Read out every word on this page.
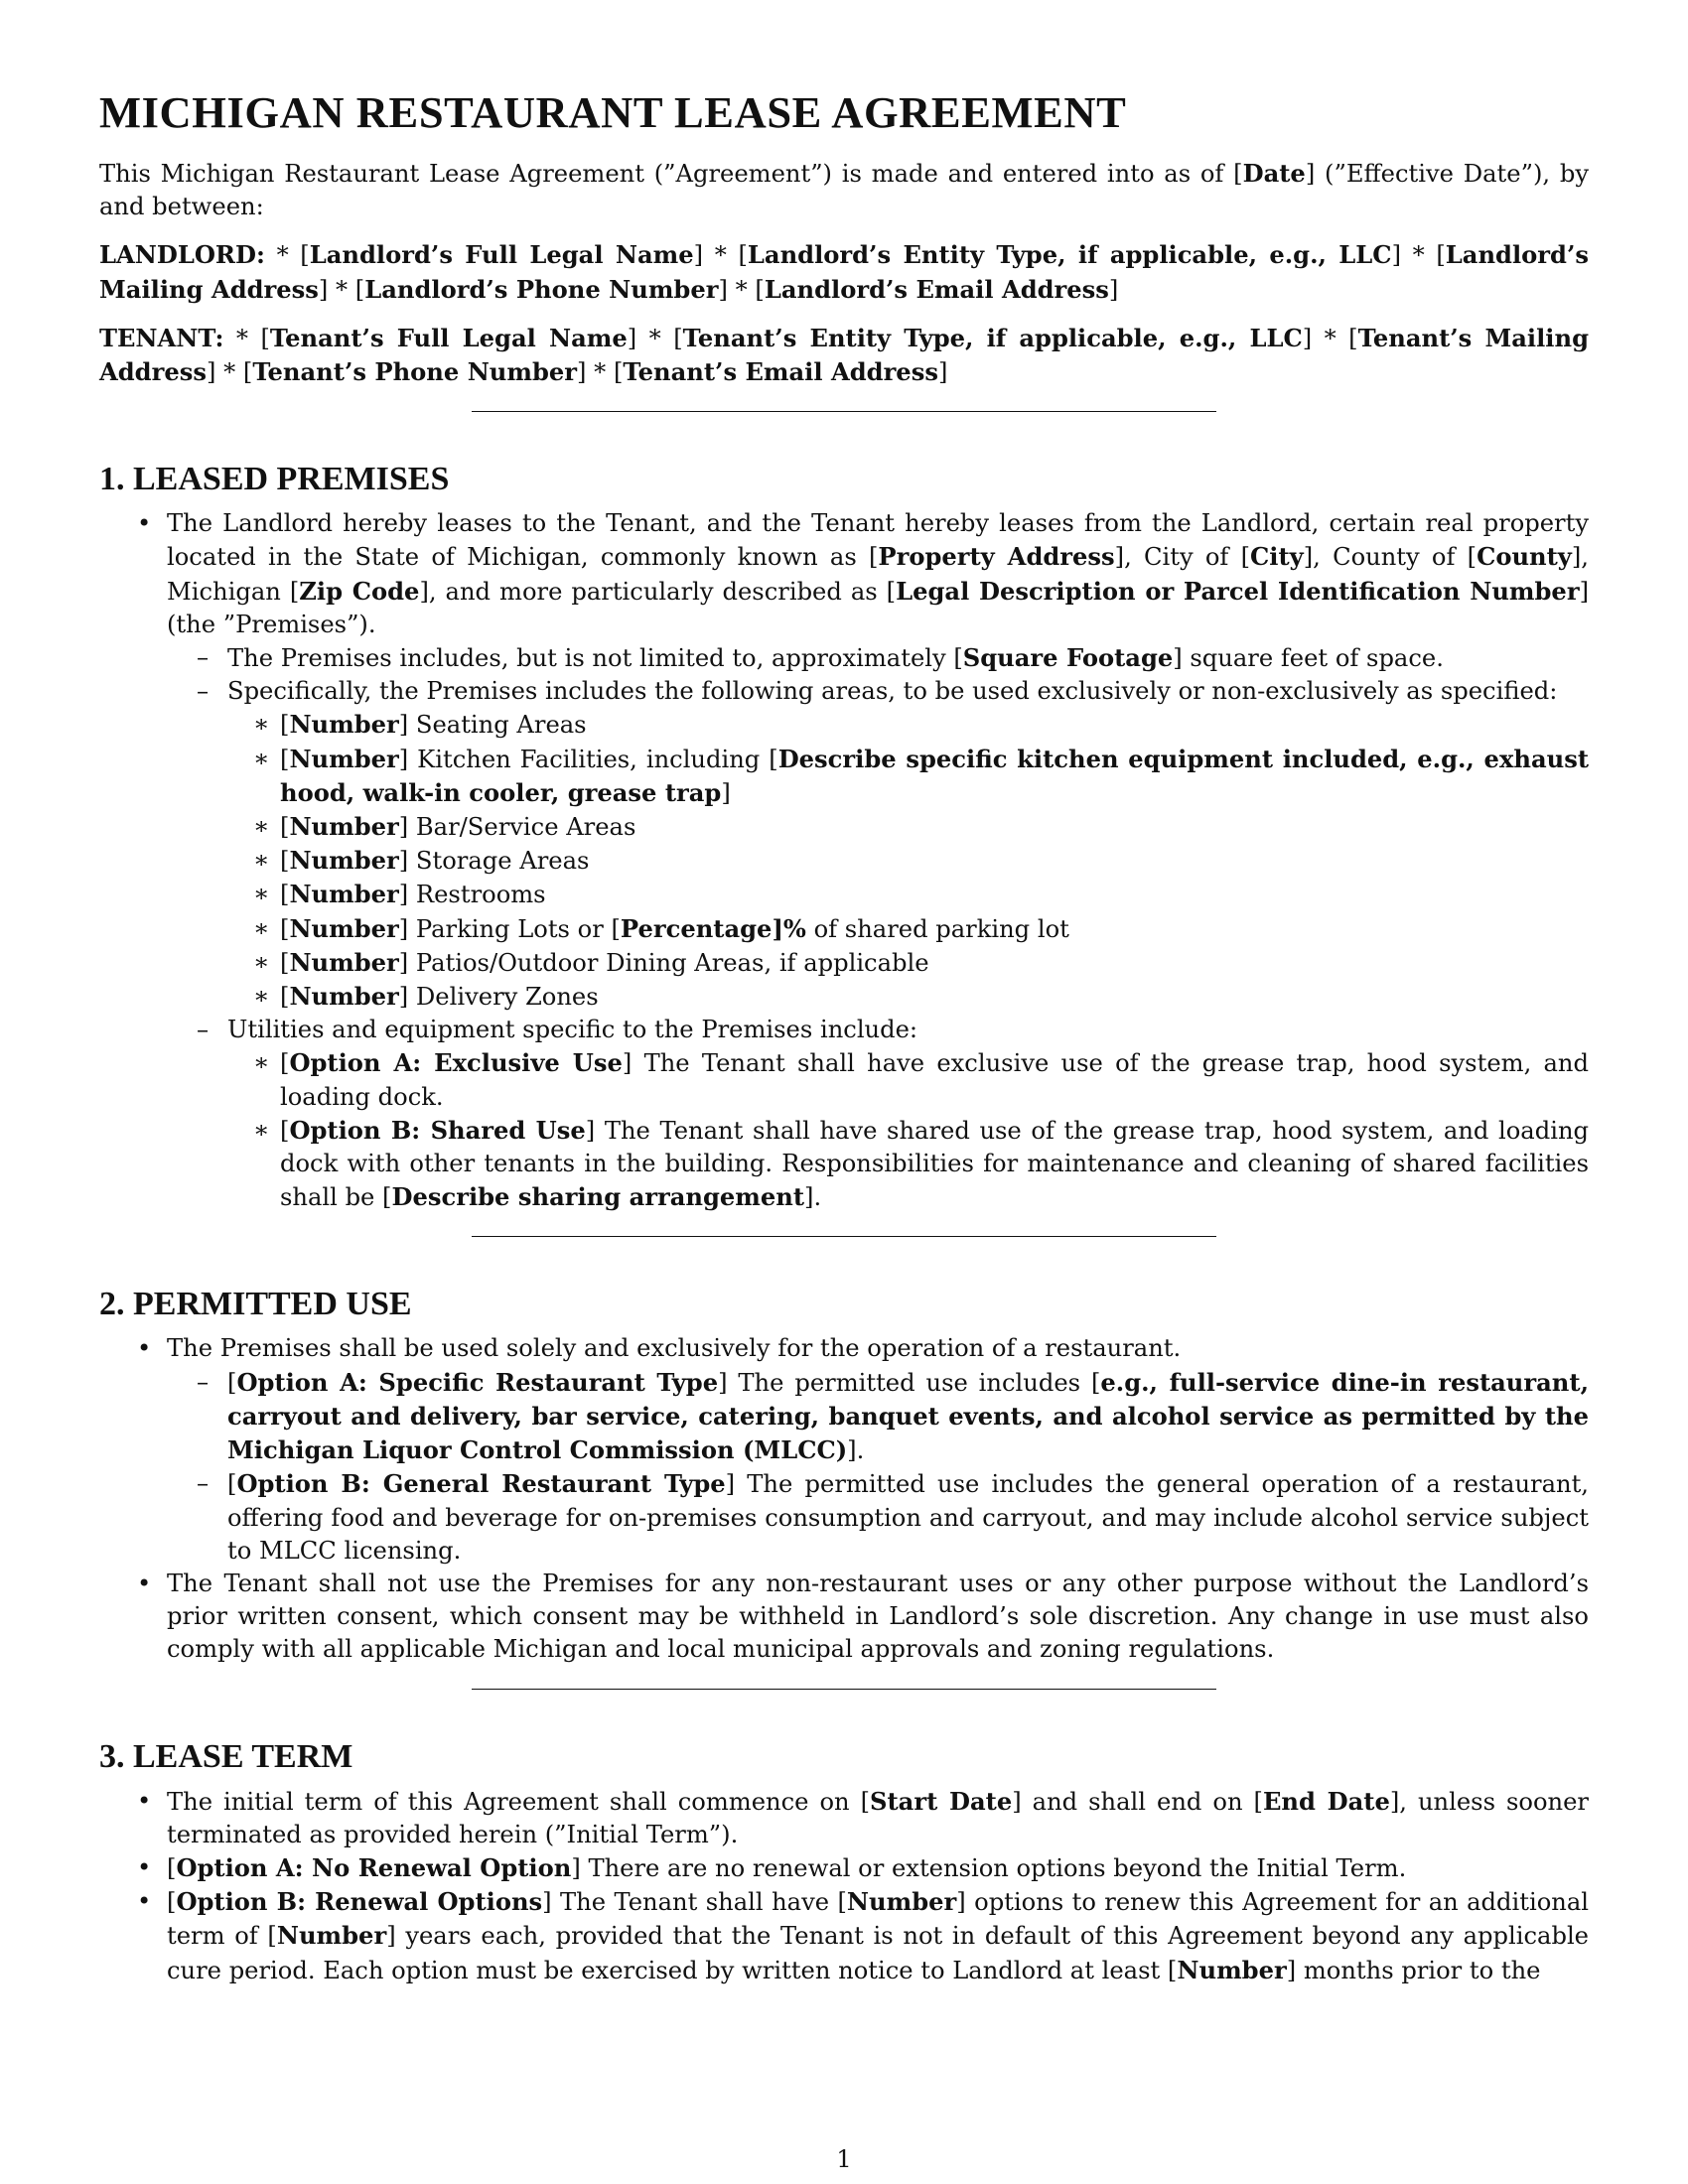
MICHIGAN RESTAURANT LEASE AGREEMENT

This Michigan Restaurant Lease Agreement (”Agreement”) is made and entered into as of [Date] (”Effective Date”), by and between:

LANDLORD: * [Landlord’s Full Legal Name] * [Landlord’s Entity Type, if applicable, e.g., LLC] * [Landlord’s Mailing Address] * [Landlord’s Phone Number] * [Landlord’s Email Address]

TENANT: * [Tenant’s Full Legal Name] * [Tenant’s Entity Type, if applicable, e.g., LLC] * [Tenant’s Mailing Address] * [Tenant’s Phone Number] * [Tenant’s Email Address]

1. LEASED PREMISES
• The Landlord hereby leases to the Tenant, and the Tenant hereby leases from the Landlord, certain real property located in the State of Michigan, commonly known as [Property Address], City of [City], County of [County], Michigan [Zip Code], and more particularly described as [Legal Description or Parcel Identification Number] (the ”Premises”).
– The Premises includes, but is not limited to, approximately [Square Footage] square feet of space.
– Specifically, the Premises includes the following areas, to be used exclusively or non-exclusively as specified:
∗ [Number] Seating Areas
∗ [Number] Kitchen Facilities, including [Describe specific kitchen equipment included, e.g., exhaust hood, walk-in cooler, grease trap]
∗ [Number] Bar/Service Areas
∗ [Number] Storage Areas
∗ [Number] Restrooms
∗ [Number] Parking Lots or [Percentage]% of shared parking lot
∗ [Number] Patios/Outdoor Dining Areas, if applicable
∗ [Number] Delivery Zones
– Utilities and equipment specific to the Premises include:
∗ [Option A: Exclusive Use] The Tenant shall have exclusive use of the grease trap, hood system, and loading dock.
∗ [Option B: Shared Use] The Tenant shall have shared use of the grease trap, hood system, and loading dock with other tenants in the building. Responsibilities for maintenance and cleaning of shared facilities shall be [Describe sharing arrangement].
2. PERMITTED USE
• The Premises shall be used solely and exclusively for the operation of a restaurant.
– [Option A: Specific Restaurant Type] The permitted use includes [e.g., full-service dine-in restaurant, carryout and delivery, bar service, catering, banquet events, and alcohol service as permitted by the Michigan Liquor Control Commission (MLCC)].
– [Option B: General Restaurant Type] The permitted use includes the general operation of a restaurant, offering food and beverage for on-premises consumption and carryout, and may include alcohol service subject to MLCC licensing.
• The Tenant shall not use the Premises for any non-restaurant uses or any other purpose without the Landlord’s prior written consent, which consent may be withheld in Landlord’s sole discretion. Any change in use must also comply with all applicable Michigan and local municipal approvals and zoning regulations.
3. LEASE TERM
• The initial term of this Agreement shall commence on [Start Date] and shall end on [End Date], unless sooner terminated as provided herein (”Initial Term”).
• [Option A: No Renewal Option] There are no renewal or extension options beyond the Initial Term.
• [Option B: Renewal Options] The Tenant shall have [Number] options to renew this Agreement for an additional term of [Number] years each, provided that the Tenant is not in default of this Agreement beyond any applicable cure period. Each option must be exercised by written notice to Landlord at least [Number] months prior to the
1
